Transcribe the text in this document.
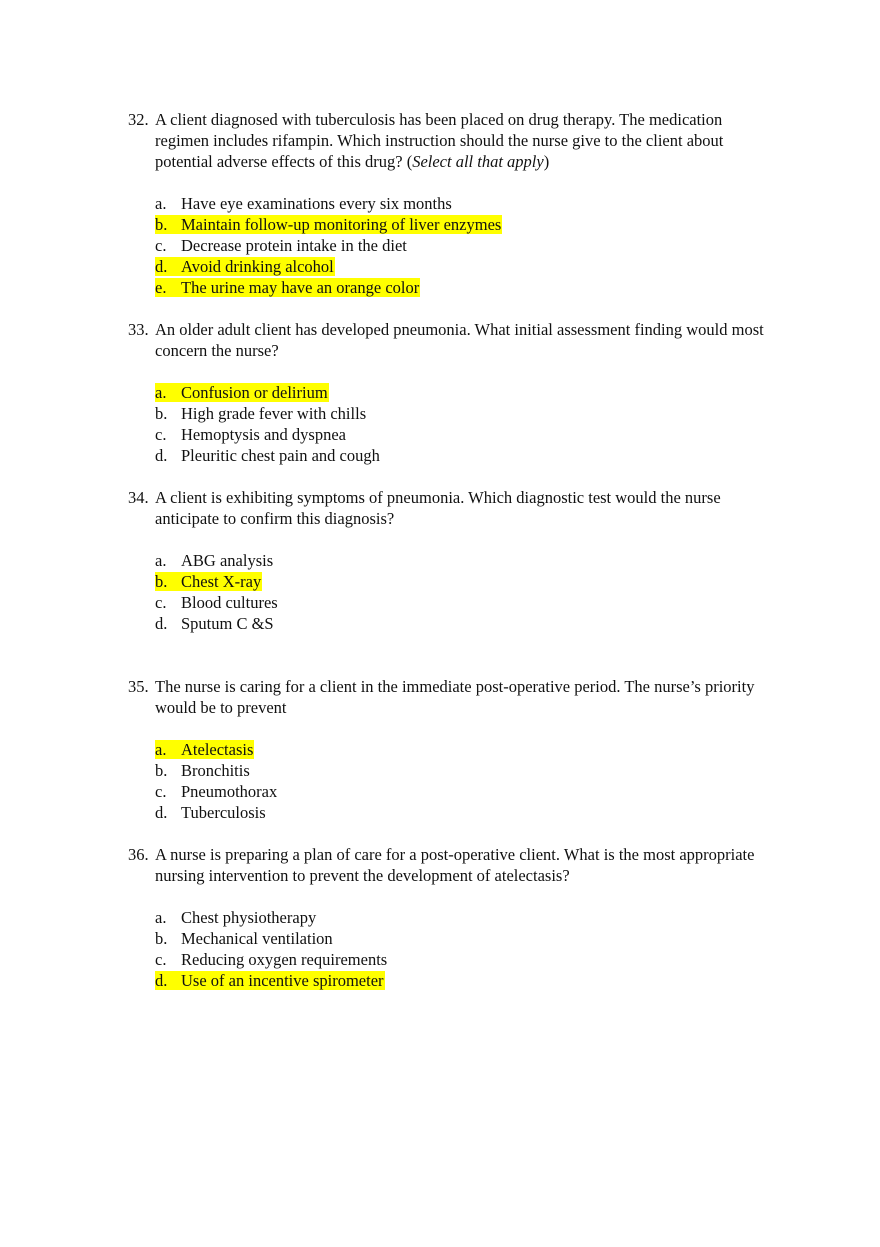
32. A client diagnosed with tuberculosis has been placed on drug therapy. The medication regimen includes rifampin. Which instruction should the nurse give to the client about potential adverse effects of this drug? (Select all that apply)

a. Have eye examinations every six months
b. Maintain follow-up monitoring of liver enzymes
c. Decrease protein intake in the diet
d. Avoid drinking alcohol
e. The urine may have an orange color

33. An older adult client has developed pneumonia. What initial assessment finding would most concern the nurse?

a. Confusion or delirium
b. High grade fever with chills
c. Hemoptysis and dyspnea
d. Pleuritic chest pain and cough

34. A client is exhibiting symptoms of pneumonia. Which diagnostic test would the nurse anticipate to confirm this diagnosis?

a. ABG analysis
b. Chest X-ray
c. Blood cultures
d. Sputum C &S

35. The nurse is caring for a client in the immediate post-operative period. The nurse’s priority would be to prevent

a. Atelectasis
b. Bronchitis
c. Pneumothorax
d. Tuberculosis

36. A nurse is preparing a plan of care for a post-operative client. What is the most appropriate nursing intervention to prevent the development of atelectasis?

a. Chest physiotherapy
b. Mechanical ventilation
c. Reducing oxygen requirements
d. Use of an incentive spirometer
